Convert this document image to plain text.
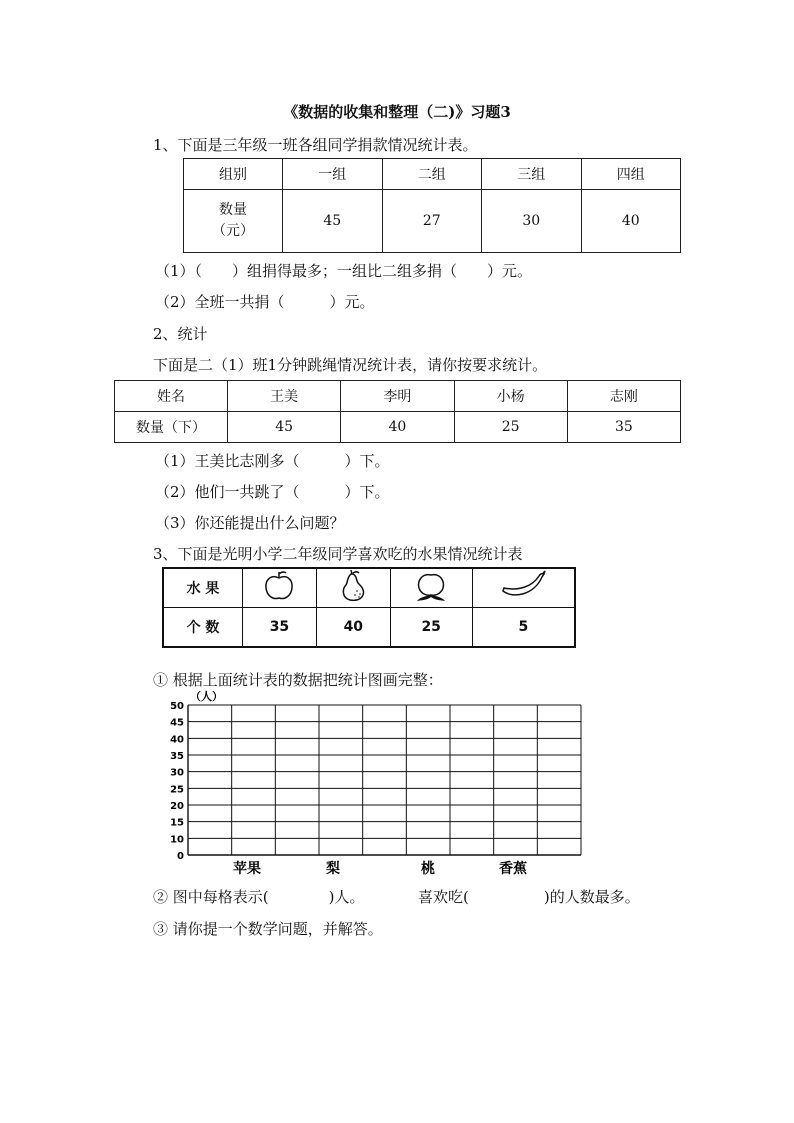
《数据的收集和整理（二)》习题3
1、下面是三年级一班各组同学捐款情况统计表。
组别	一组	二组	三组	四组
数量
（元）	45	27	30	40
（1）（　　）组捐得最多；一组比二组多捐（　　）元。
（2）全班一共捐（　　　）元。
2、统计
下面是二（1）班1分钟跳绳情况统计表，请你按要求统计。
姓名	王美	李明	小杨	志刚
数量（下）	45	40	25	35
（1）王美比志刚多（　　　）下。
（2）他们一共跳了（　　　）下。
（3）你还能提出什么问题？
3、下面是光明小学二年级同学喜欢吃的水果情况统计表
水 果				
个 数	35	40	25	5
① 根据上面统计表的数据把统计图画完整：
（人）
0
10
15
20
25
30
35
40
45
50
苹果	梨	桃	香蕉
② 图中每格表示(　　　　)人。	喜欢吃(　　　　　)的人数最多。
③ 请你提一个数学问题，并解答。
